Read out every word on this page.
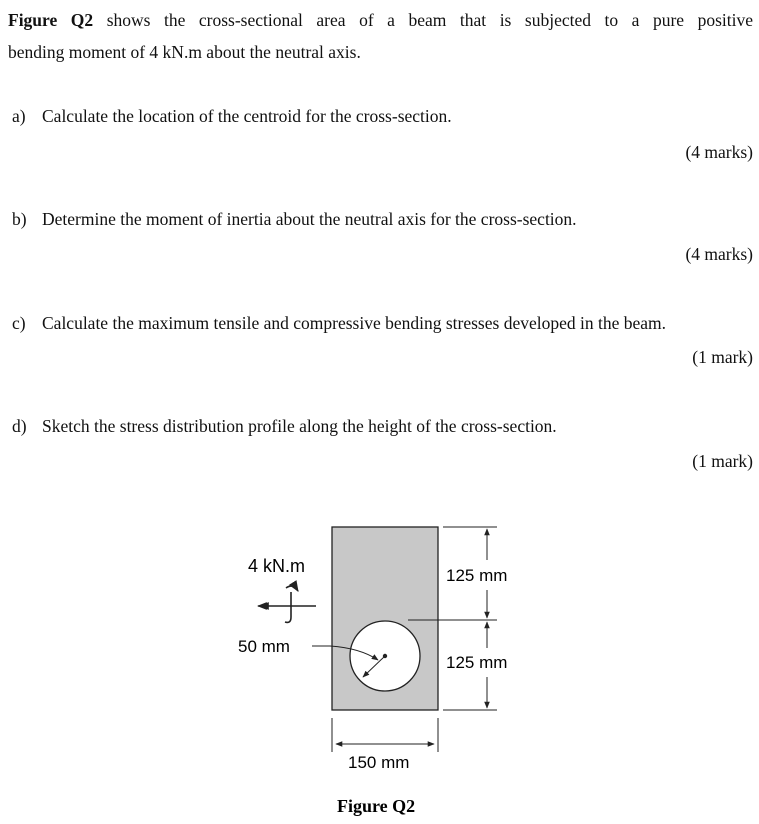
Figure Q2 shows the cross-sectional area of a beam that is subjected to a pure positive
bending moment of 4 kN.m about the neutral axis.
a) Calculate the location of the centroid for the cross-section.
(4 marks)
b) Determine the moment of inertia about the neutral axis for the cross-section.
(4 marks)
c) Calculate the maximum tensile and compressive bending stresses developed in the beam.
(1 mark)
d) Sketch the stress distribution profile along the height of the cross-section.
(1 mark)
50 mm
4 kN.m	125 mm
125 mm
150 mm
Figure Q2
